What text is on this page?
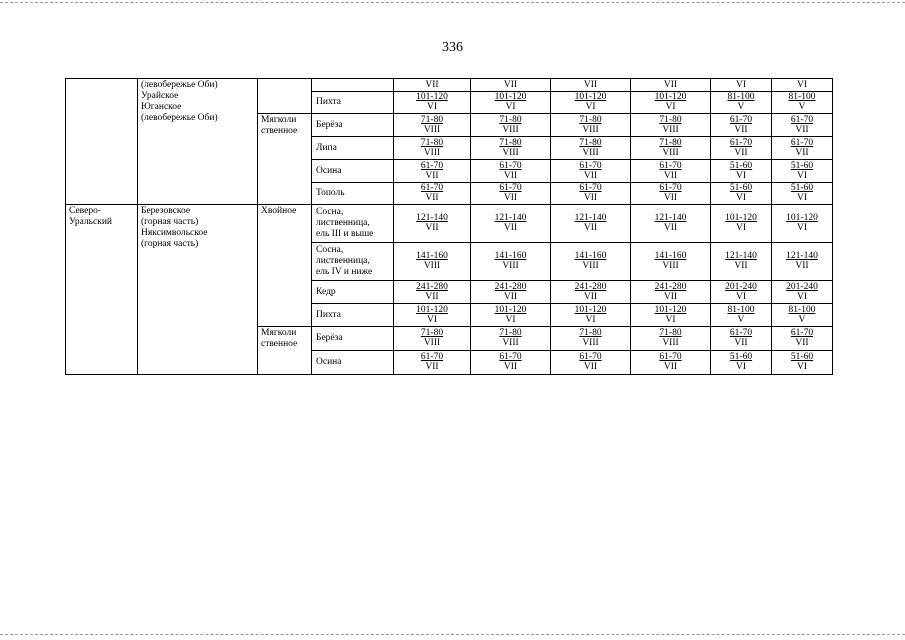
336

	(левобережье Оби)
Урайское
Юганское
(левобережье Оби)			VII	VII	VII	VII	VI	VI

			Пихта	$\frac{101-120}{VI}$	$\frac{101-120}{VI}$	$\frac{101-120}{VI}$	$\frac{101-120}{VI}$	$\frac{81-100}{V}$	$\frac{81-100}{V}$

		Мягколи
ственное	Берёза	$\frac{71-80}{\text{VIII}}$	$\frac{71-80}{\text{VIII}}$	$\frac{71-80}{\text{VIII}}$	$\frac{71-80}{\text{VIII}}$	$\frac{61-70}{\text{VII}}$	$\frac{61-70}{\text{VII}}$

			Липа	$\frac{71-80}{\text{VIII}}$	$\frac{71-80}{\text{VIII}}$	$\frac{71-80}{\text{VIII}}$	$\frac{71-80}{\text{VIII}}$	$\frac{61-70}{\text{VII}}$	$\frac{61-70}{\text{VII}}$

			Осина	$\frac{61-70}{\text{VII}}$	$\frac{61-70}{\text{VII}}$	$\frac{61-70}{\text{VII}}$	$\frac{61-70}{\text{VII}}$	$\frac{51-60}{VI}$	$\frac{51-60}{VI}$

			Тополь	$\frac{61-70}{\text{VII}}$	$\frac{61-70}{\text{VII}}$	$\frac{61-70}{\text{VII}}$	$\frac{61-70}{\text{VII}}$	$\frac{51-60}{VI}$	$\frac{51-60}{VI}$

Северо-
Уральский	Березовское
(горная часть)
Няксимвольское
(горная часть)	Хвойное	Сосна,
лиственница,
ель III и выше	$\frac{121-140}{\text{VII}}$	$\frac{121-140}{\text{VII}}$	$\frac{121-140}{\text{VII}}$	$\frac{121-140}{\text{VII}}$	$\frac{101-120}{VI}$	$\frac{101-120}{VI}$

			Сосна,
лиственница,
ель IV и ниже	$\frac{141-160}{\text{VIII}}$	$\frac{141-160}{\text{VIII}}$	$\frac{141-160}{\text{VIII}}$	$\frac{141-160}{\text{VIII}}$	$\frac{121-140}{\text{VII}}$	$\frac{121-140}{\text{VII}}$

			Кедр	$\frac{241-280}{\text{VII}}$	$\frac{241-280}{\text{VII}}$	$\frac{241-280}{\text{VII}}$	$\frac{241-280}{\text{VII}}$	$\frac{201-240}{VI}$	$\frac{201-240}{VI}$

			Пихта	$\frac{101-120}{VI}$	$\frac{101-120}{VI}$	$\frac{101-120}{VI}$	$\frac{101-120}{VI}$	$\frac{81-100}{V}$	$\frac{81-100}{V}$

		Мягколи
ственное	Берёза	$\frac{71-80}{\text{VIII}}$	$\frac{71-80}{\text{VIII}}$	$\frac{71-80}{\text{VIII}}$	$\frac{71-80}{\text{VIII}}$	$\frac{61-70}{\text{VII}}$	$\frac{61-70}{\text{VII}}$

			Осина	$\frac{61-70}{\text{VII}}$	$\frac{61-70}{\text{VII}}$	$\frac{61-70}{\text{VII}}$	$\frac{61-70}{\text{VII}}$	$\frac{51-60}{VI}$	$\frac{51-60}{VI}$
